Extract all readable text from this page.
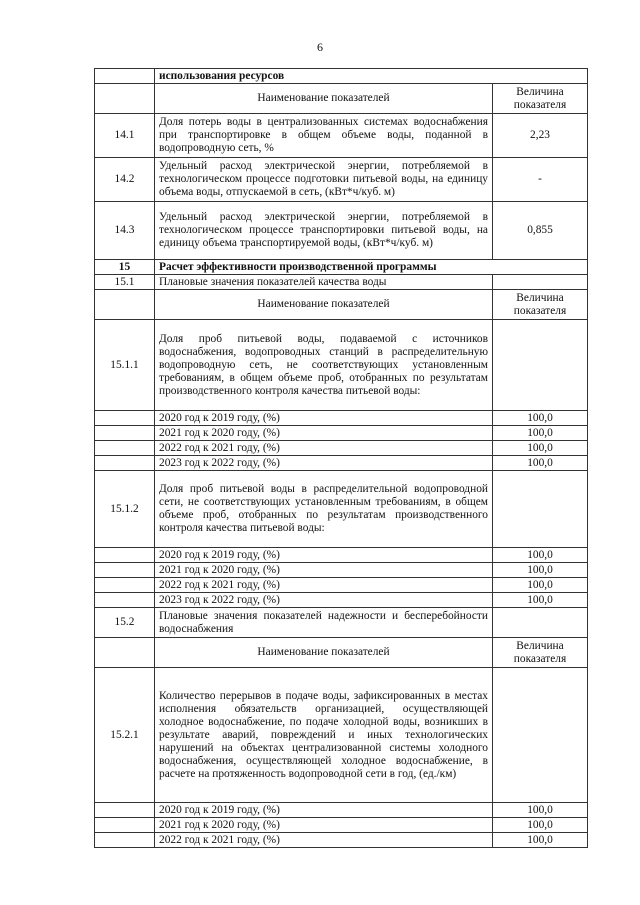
6
	использования ресурсов	
	Наименование показателей	Величина показателя
14.1	Доля потерь воды в централизованных системах водоснабжения при транспортировке в общем объеме воды, поданной в водопроводную сеть, %	2,23
14.2	Удельный расход электрической энергии, потребляемой в технологическом процессе подготовки питьевой воды, на единицу объема воды, отпускаемой в сеть, (кВт*ч/куб. м)	-
14.3	Удельный расход электрической энергии, потребляемой в технологическом процессе транспортировки питьевой воды, на единицу объема транспортируемой воды, (кВт*ч/куб. м)	0,855
15	Расчет эффективности производственной программы	
15.1	Плановые значения показателей качества воды	
	Наименование показателей	Величина показателя
15.1.1	Доля проб питьевой воды, подаваемой с источников водоснабжения, водопроводных станций в распределительную водопроводную сеть, не соответствующих установленным требованиям, в общем объеме проб, отобранных по результатам производственного контроля качества питьевой воды:	
	2020 год к 2019 году, (%)	100,0
	2021 год к 2020 году, (%)	100,0
	2022 год к 2021 году, (%)	100,0
	2023 год к 2022 году, (%)	100,0
15.1.2	Доля проб питьевой воды в распределительной водопроводной сети, не соответствующих установленным требованиям, в общем объеме проб, отобранных по результатам производственного контроля качества питьевой воды:	
	2020 год к 2019 году, (%)	100,0
	2021 год к 2020 году, (%)	100,0
	2022 год к 2021 году, (%)	100,0
	2023 год к 2022 году, (%)	100,0
15.2	Плановые значения показателей надежности и бесперебойности водоснабжения	
	Наименование показателей	Величина показателя
15.2.1	Количество перерывов в подаче воды, зафиксированных в местах исполнения обязательств организацией, осуществляющей холодное водоснабжение, по подаче холодной воды, возникших в результате аварий, повреждений и иных технологических нарушений на объектах централизованной системы холодного водоснабжения, осуществляющей холодное водоснабжение, в расчете на протяженность водопроводной сети в год, (ед./км)	
	2020 год к 2019 году, (%)	100,0
	2021 год к 2020 году, (%)	100,0
	2022 год к 2021 году, (%)	100,0
